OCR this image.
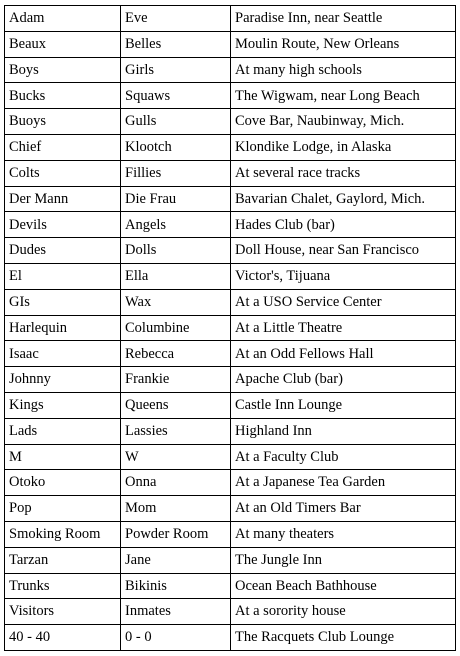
Adam	Eve	Paradise Inn, near Seattle
Beaux	Belles	Moulin Route, New Orleans
Boys	Girls	At many high schools
Bucks	Squaws	The Wigwam, near Long Beach
Buoys	Gulls	Cove Bar, Naubinway, Mich.
Chief	Klootch	Klondike Lodge, in Alaska
Colts	Fillies	At several race tracks
Der Mann	Die Frau	Bavarian Chalet, Gaylord, Mich.
Devils	Angels	Hades Club (bar)
Dudes	Dolls	Doll House, near San Francisco
El	Ella	Victor's, Tijuana
GIs	Wax	At a USO Service Center
Harlequin	Columbine	At a Little Theatre
Isaac	Rebecca	At an Odd Fellows Hall
Johnny	Frankie	Apache Club (bar)
Kings	Queens	Castle Inn Lounge
Lads	Lassies	Highland Inn
M	W	At a Faculty Club
Otoko	Onna	At a Japanese Tea Garden
Pop	Mom	At an Old Timers Bar
Smoking Room	Powder Room	At many theaters
Tarzan	Jane	The Jungle Inn
Trunks	Bikinis	Ocean Beach Bathhouse
Visitors	Inmates	At a sorority house
40 - 40	0 - 0	The Racquets Club Lounge
